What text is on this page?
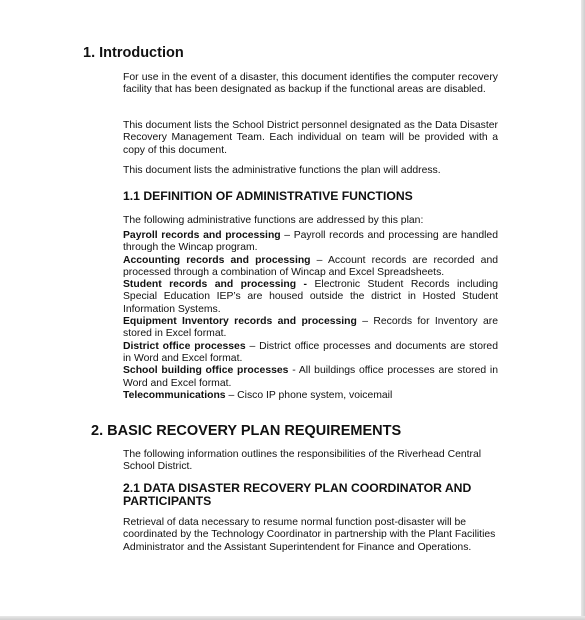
1. Introduction

For use in the event of a disaster, this document identifies the computer recovery facility that has been designated as backup if the functional areas are disabled.

This document lists the School District personnel designated as the Data Disaster Recovery Management Team. Each individual on team will be provided with a copy of this document.

This document lists the administrative functions the plan will address.

1.1 DEFINITION OF ADMINISTRATIVE FUNCTIONS

The following administrative functions are addressed by this plan:

Payroll records and processing – Payroll records and processing are handled through the Wincap program.
Accounting records and processing – Account records are recorded and processed through a combination of Wincap and Excel Spreadsheets.
Student records and processing - Electronic Student Records including Special Education IEP’s are housed outside the district in Hosted Student Information Systems.
Equipment Inventory records and processing – Records for Inventory are stored in Excel format.
District office processes – District office processes and documents are stored in Word and Excel format.
School building office processes - All buildings office processes are stored in Word and Excel format.
Telecommunications – Cisco IP phone system, voicemail
2. BASIC RECOVERY PLAN REQUIREMENTS

The following information outlines the responsibilities of the Riverhead Central School District.

2.1 DATA DISASTER RECOVERY PLAN COORDINATOR AND PARTICIPANTS

Retrieval of data necessary to resume normal function post-disaster will be coordinated by the Technology Coordinator in partnership with the Plant Facilities Administrator and the Assistant Superintendent for Finance and Operations.
